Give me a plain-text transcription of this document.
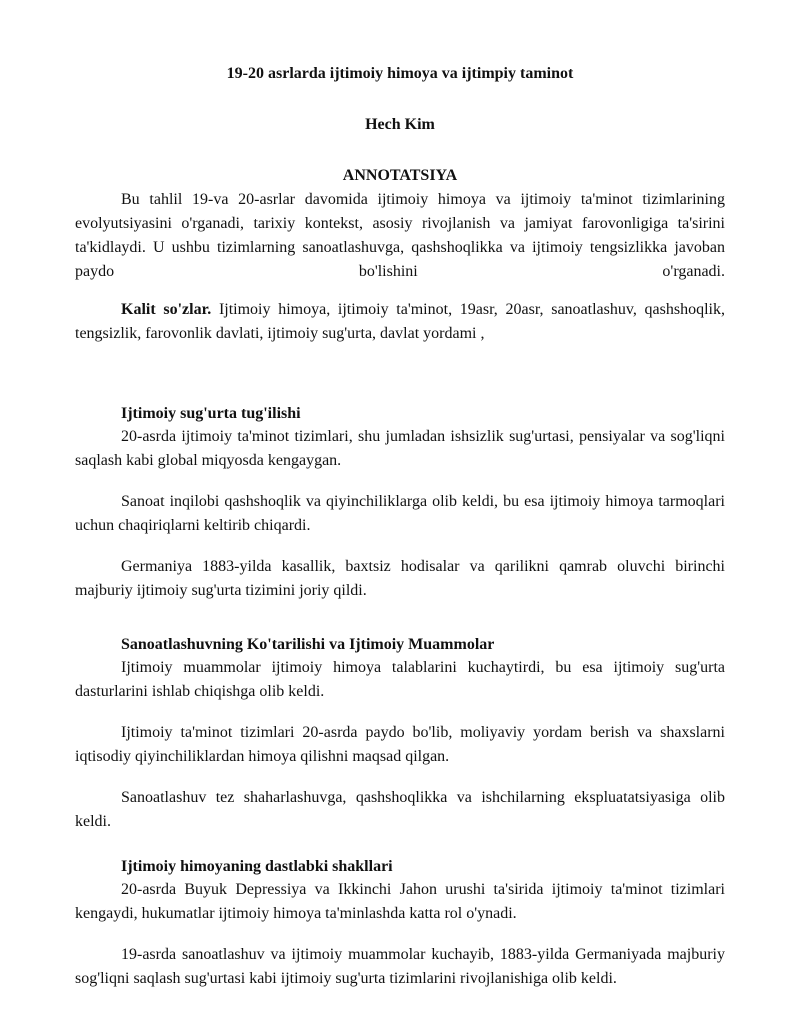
19-20 asrlarda ijtimoiy himoya va ijtimpiy taminot
Hech Kim
ANNOTATSIYA

Bu tahlil 19-va 20-asrlar davomida ijtimoiy himoya va ijtimoiy ta'minot tizimlarining evolyutsiyasini o'rganadi, tarixiy kontekst, asosiy rivojlanish va jamiyat farovonligiga ta'sirini ta'kidlaydi. U ushbu tizimlarning sanoatlashuvga, qashshoqlikka va ijtimoiy tengsizlikka javoban paydo bo'lishini o'rganadi.

Kalit so'zlar. Ijtimoiy himoya, ijtimoiy ta'minot, 19asr, 20asr, sanoatlashuv, qashshoqlik, tengsizlik, farovonlik davlati, ijtimoiy sug'urta, davlat yordami ,

Ijtimoiy sug'urta tug'ilishi

20-asrda ijtimoiy ta'minot tizimlari, shu jumladan ishsizlik sug'urtasi, pensiyalar va sog'liqni saqlash kabi global miqyosda kengaygan.

Sanoat inqilobi qashshoqlik va qiyinchiliklarga olib keldi, bu esa ijtimoiy himoya tarmoqlari uchun chaqiriqlarni keltirib chiqardi.

Germaniya 1883-yilda kasallik, baxtsiz hodisalar va qarilikni qamrab oluvchi birinchi majburiy ijtimoiy sug'urta tizimini joriy qildi.

Sanoatlashuvning Ko'tarilishi va Ijtimoiy Muammolar

Ijtimoiy muammolar ijtimoiy himoya talablarini kuchaytirdi, bu esa ijtimoiy sug'urta dasturlarini ishlab chiqishga olib keldi.

Ijtimoiy ta'minot tizimlari 20-asrda paydo bo'lib, moliyaviy yordam berish va shaxslarni iqtisodiy qiyinchiliklardan himoya qilishni maqsad qilgan.

Sanoatlashuv tez shaharlashuvga, qashshoqlikka va ishchilarning ekspluatatsiyasiga olib keldi.

Ijtimoiy himoyaning dastlabki shakllari

20-asrda Buyuk Depressiya va Ikkinchi Jahon urushi ta'sirida ijtimoiy ta'minot tizimlari kengaydi, hukumatlar ijtimoiy himoya ta'minlashda katta rol o'ynadi.

19-asrda sanoatlashuv va ijtimoiy muammolar kuchayib, 1883-yilda Germaniyada majburiy sog'liqni saqlash sug'urtasi kabi ijtimoiy sug'urta tizimlarini rivojlanishiga olib keldi.
